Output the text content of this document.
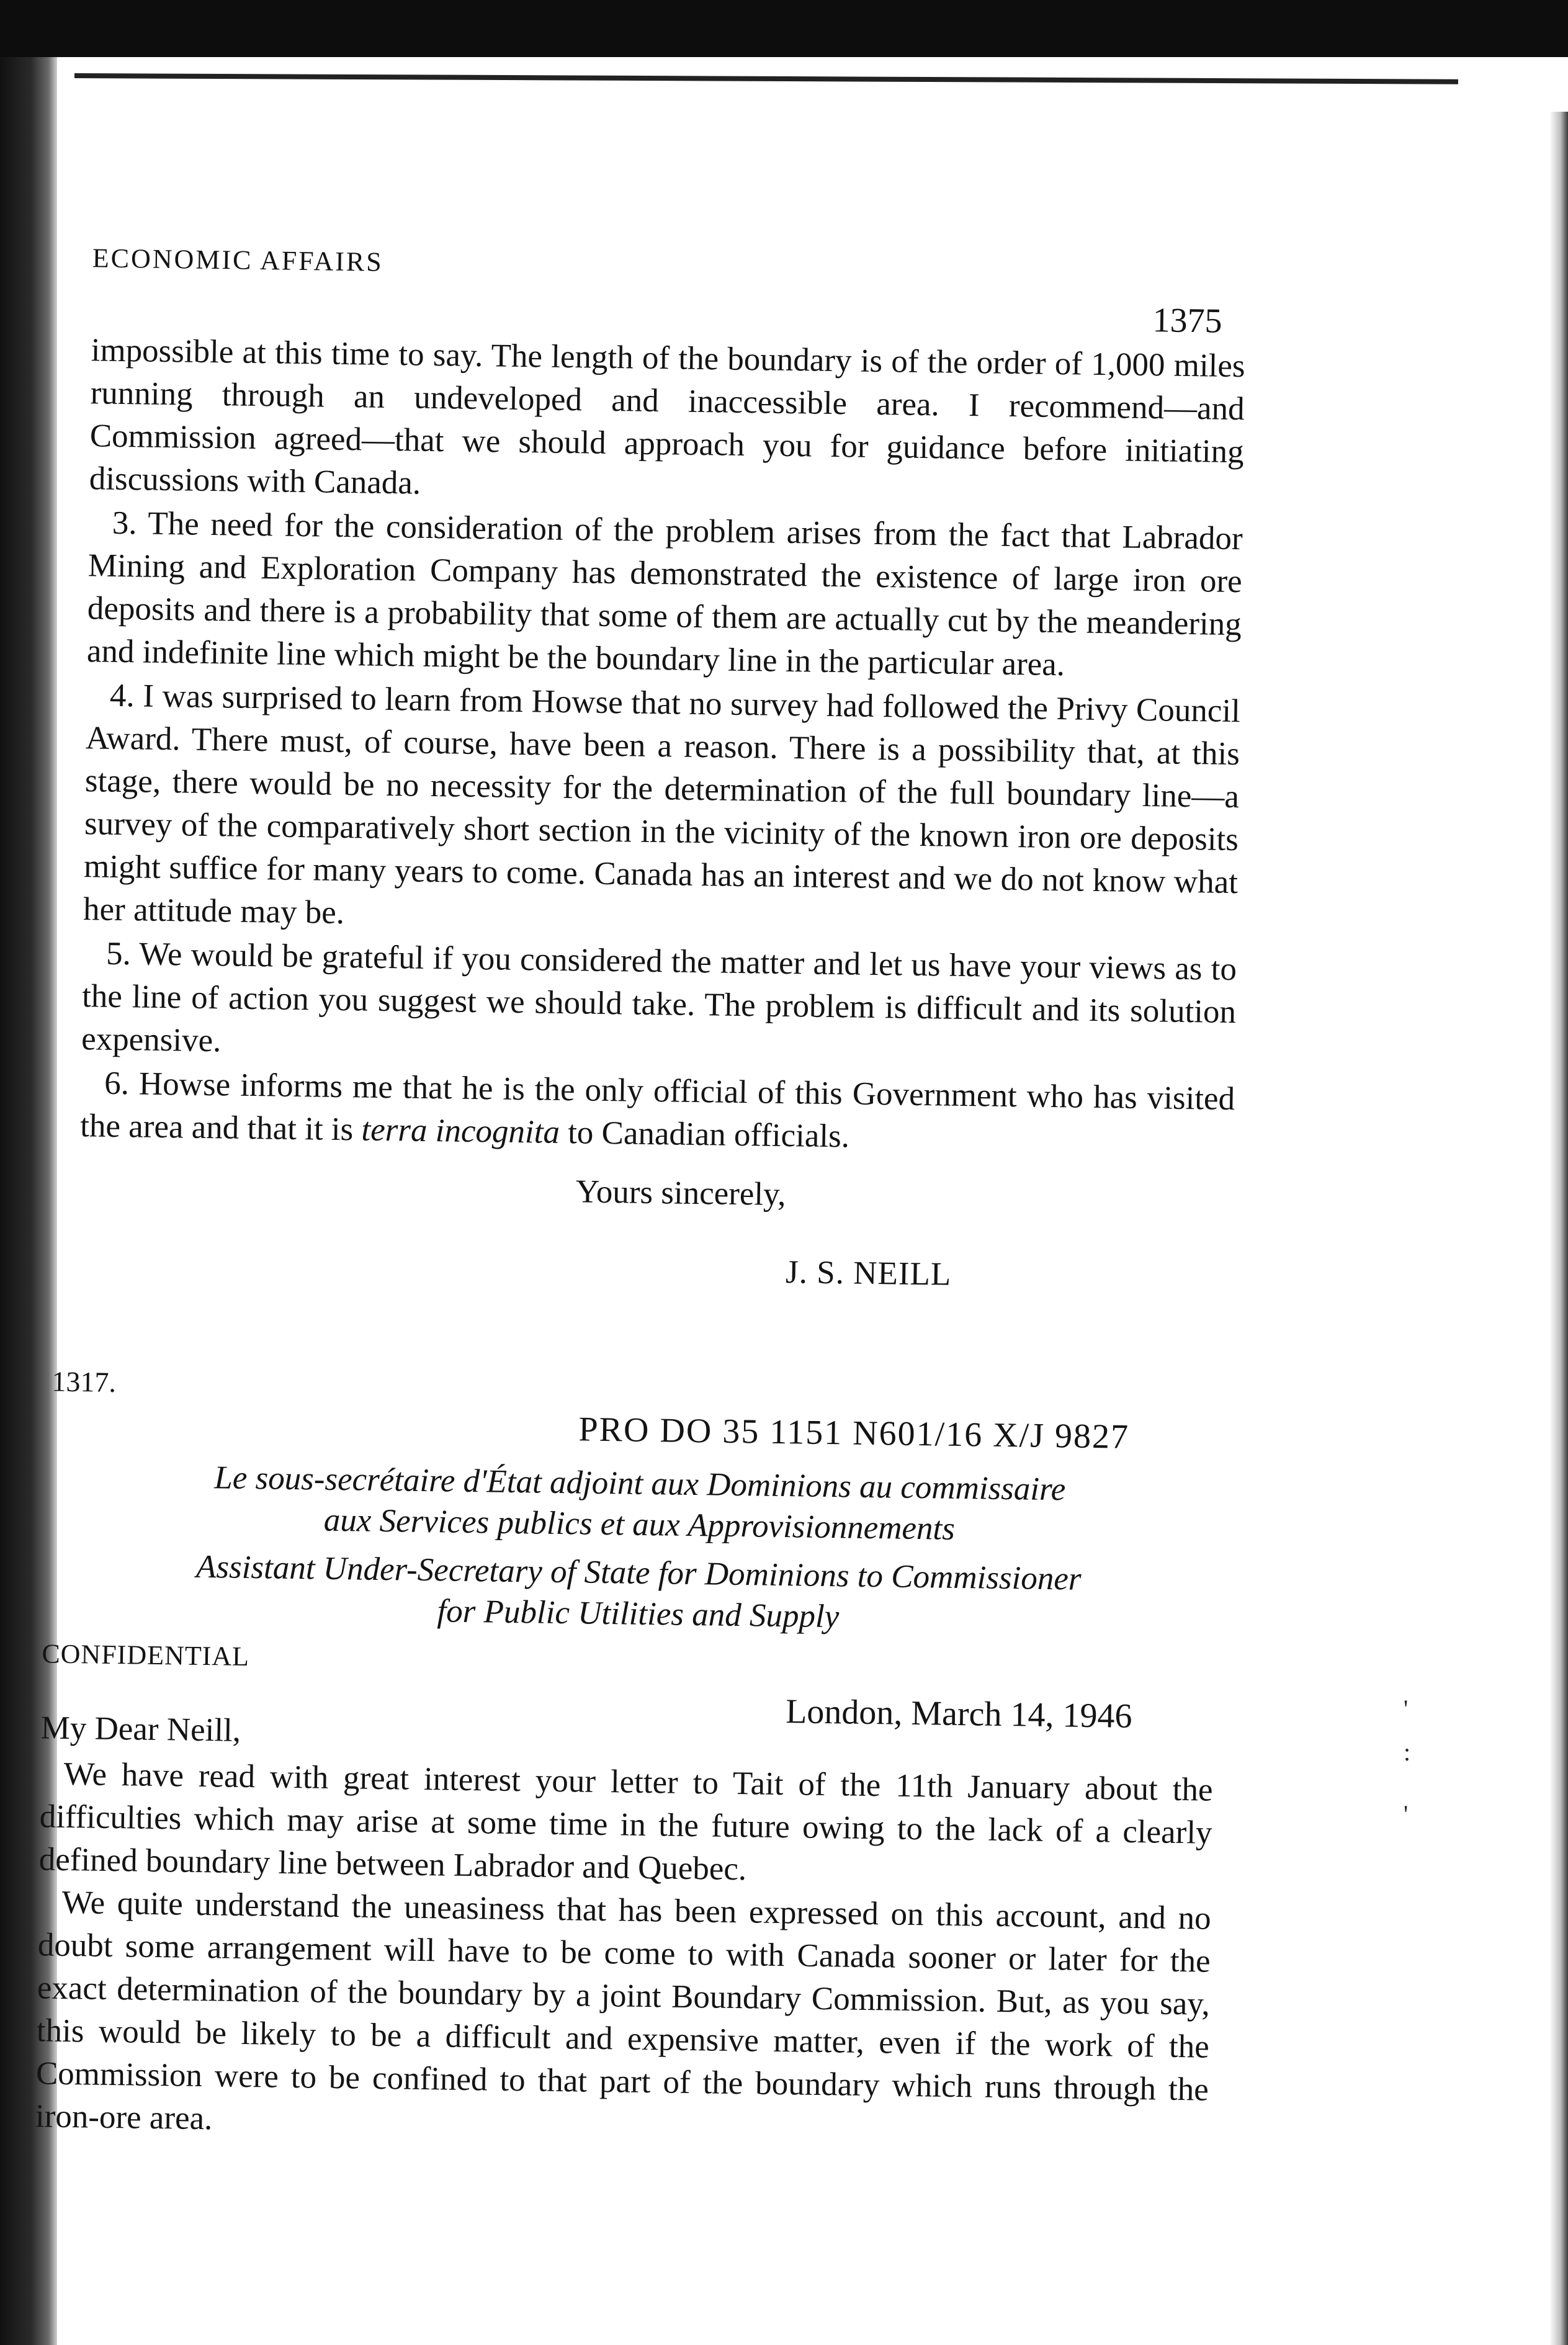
ECONOMIC AFFAIRS
1375

impossible at this time to say. The length of the boundary is of the order of 1,000 miles running through an undeveloped and inaccessible area. I recommend—and Commission agreed—that we should approach you for guidance before initiating discussions with Canada.

3. The need for the consideration of the problem arises from the fact that Labrador Mining and Exploration Company has demonstrated the existence of large iron ore deposits and there is a probability that some of them are actually cut by the meandering and indefinite line which might be the boundary line in the particular area.

4. I was surprised to learn from Howse that no survey had followed the Privy Council Award. There must, of course, have been a reason. There is a possibility that, at this stage, there would be no necessity for the determination of the full boundary line—a survey of the comparatively short section in the vicinity of the known iron ore deposits might suffice for many years to come. Canada has an interest and we do not know what her attitude may be.

5. We would be grateful if you considered the matter and let us have your views as to the line of action you suggest we should take. The problem is difficult and its solution expensive.

6. Howse informs me that he is the only official of this Government who has visited the area and that it is terra incognita to Canadian officials.

Yours sincerely,

J. S. NEILL

1317.
PRO DO 35 1151 N601/16 X/J 9827
Le sous-secrétaire d'État adjoint aux Dominions au commissaire
aux Services publics et aux Approvisionnements
Assistant Under-Secretary of State for Dominions to Commissioner
for Public Utilities and Supply
CONFIDENTIAL
London, March 14, 1946
My Dear Neill,

We have read with great interest your letter to Tait of the 11th January about the difficulties which may arise at some time in the future owing to the lack of a clearly defined boundary line between Labrador and Quebec.

We quite understand the uneasiness that has been expressed on this account, and no doubt some arrangement will have to be come to with Canada sooner or later for the exact determination of the boundary by a joint Boundary Commission. But, as you say, this would be likely to be a difficult and expensive matter, even if the work of the Commission were to be confined to that part of the boundary which runs through the iron-ore area.

'
:
'
